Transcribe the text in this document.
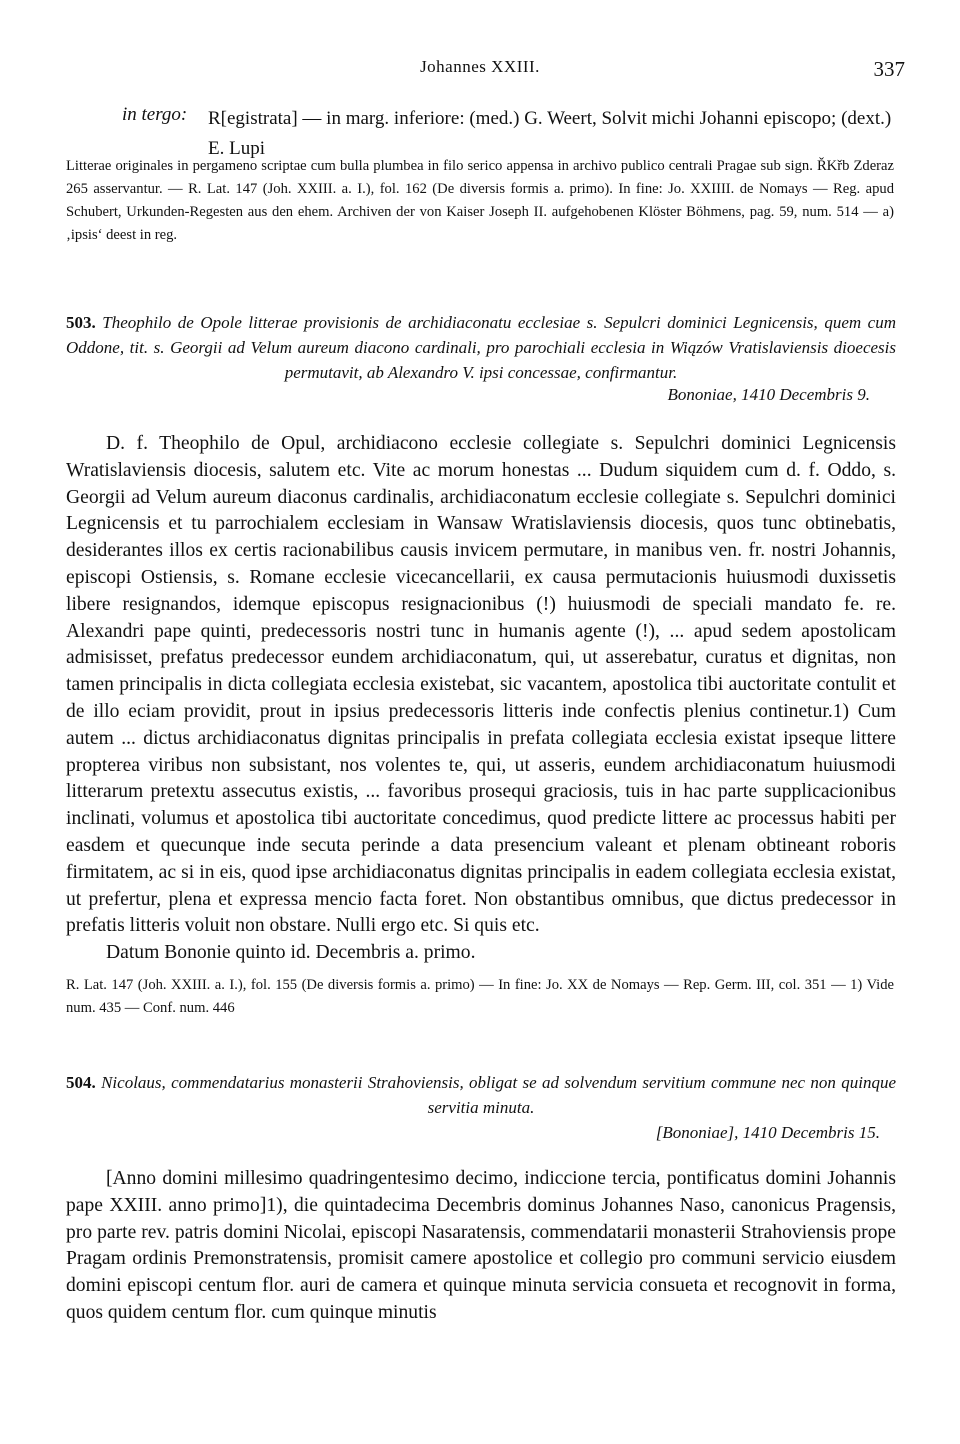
Johannes XXIII.	337
in tergo: R[egistrata] — in marg. inferiore: (med.) G. Weert, Solvit michi Johanni episcopo; (dext.) E. Lupi
Litterae originales in pergameno scriptae cum bulla plumbea in filo serico appensa in archivo publico centrali Pragae sub sign. ŘKřb Zderaz 265 asservantur. — R. Lat. 147 (Joh. XXIII. a. I.), fol. 162 (De diversis formis a. primo). In fine: Jo. XXIIII. de Nomays — Reg. apud Schubert, Urkunden-Regesten aus den ehem. Archiven der von Kaiser Joseph II. aufgehobenen Klöster Böhmens, pag. 59, num. 514 — a) ‚ipsis‘ deest in reg.
503. Theophilo de Opole litterae provisionis de archidiaconatu ecclesiae s. Sepulcri dominici Legnicensis, quem cum Oddone, tit. s. Georgii ad Velum aureum diacono cardinali, pro parochiali ecclesia in Wiązów Vratislaviensis dioecesis permutavit, ab Alexandro V. ipsi concessae, confirmantur.
Bononiae, 1410 Decembris 9.

D. f. Theophilo de Opul, archidiacono ecclesie collegiate s. Sepulchri dominici Legnicensis Wratislaviensis diocesis, salutem etc. Vite ac morum honestas ... Dudum siquidem cum d. f. Oddo, s. Georgii ad Velum aureum diaconus cardinalis, archidiaconatum ecclesie collegiate s. Sepulchri dominici Legnicensis et tu parrochialem ecclesiam in Wansaw Wratislaviensis diocesis, quos tunc obtinebatis, desiderantes illos ex certis racionabilibus causis invicem permutare, in manibus ven. fr. nostri Johannis, episcopi Ostiensis, s. Romane ecclesie vicecancellarii, ex causa permutacionis huiusmodi duxissetis libere resignandos, idemque episcopus resignacionibus (!) huiusmodi de speciali mandato fe. re. Alexandri pape quinti, predecessoris nostri tunc in humanis agente (!), ... apud sedem apostolicam admisisset, prefatus predecessor eundem archidiaconatum, qui, ut asserebatur, curatus et dignitas, non tamen principalis in dicta collegiata ecclesia existebat, sic vacantem, apostolica tibi auctoritate contulit et de illo eciam providit, prout in ipsius predecessoris litteris inde confectis plenius continetur.1) Cum autem ... dictus archidiaconatus dignitas principalis in prefata collegiata ecclesia existat ipseque littere propterea viribus non subsistant, nos volentes te, qui, ut asseris, eundem archidiaconatum huiusmodi litterarum pretextu assecutus existis, ... favoribus prosequi graciosis, tuis in hac parte supplicacionibus inclinati, volumus et apostolica tibi auctoritate concedimus, quod predicte littere ac processus habiti per easdem et quecunque inde secuta perinde a data presencium valeant et plenam obtineant roboris firmitatem, ac si in eis, quod ipse archidiaconatus dignitas principalis in eadem collegiata ecclesia existat, ut prefertur, plena et expressa mencio facta foret. Non obstantibus omnibus, que dictus predecessor in prefatis litteris voluit non obstare. Nulli ergo etc. Si quis etc.

Datum Bononie quinto id. Decembris a. primo.

R. Lat. 147 (Joh. XXIII. a. I.), fol. 155 (De diversis formis a. primo) — In fine: Jo. XX de Nomays — Rep. Germ. III, col. 351 — 1) Vide num. 435 — Conf. num. 446
504. Nicolaus, commendatarius monasterii Strahoviensis, obligat se ad solvendum servitium commune nec non quinque servitia minuta.
[Bononiae], 1410 Decembris 15.

[Anno domini millesimo quadringentesimo decimo, indiccione tercia, pontificatus domini Johannis pape XXIII. anno primo]1), die quintadecima Decembris dominus Johannes Naso, canonicus Pragensis, pro parte rev. patris domini Nicolai, episcopi Nasaratensis, commendatarii monasterii Strahoviensis prope Pragam ordinis Premonstratensis, promisit camere apostolice et collegio pro communi servicio eiusdem domini episcopi centum flor. auri de camera et quinque minuta servicia consueta et recognovit in forma, quos quidem centum flor. cum quinque minutis
